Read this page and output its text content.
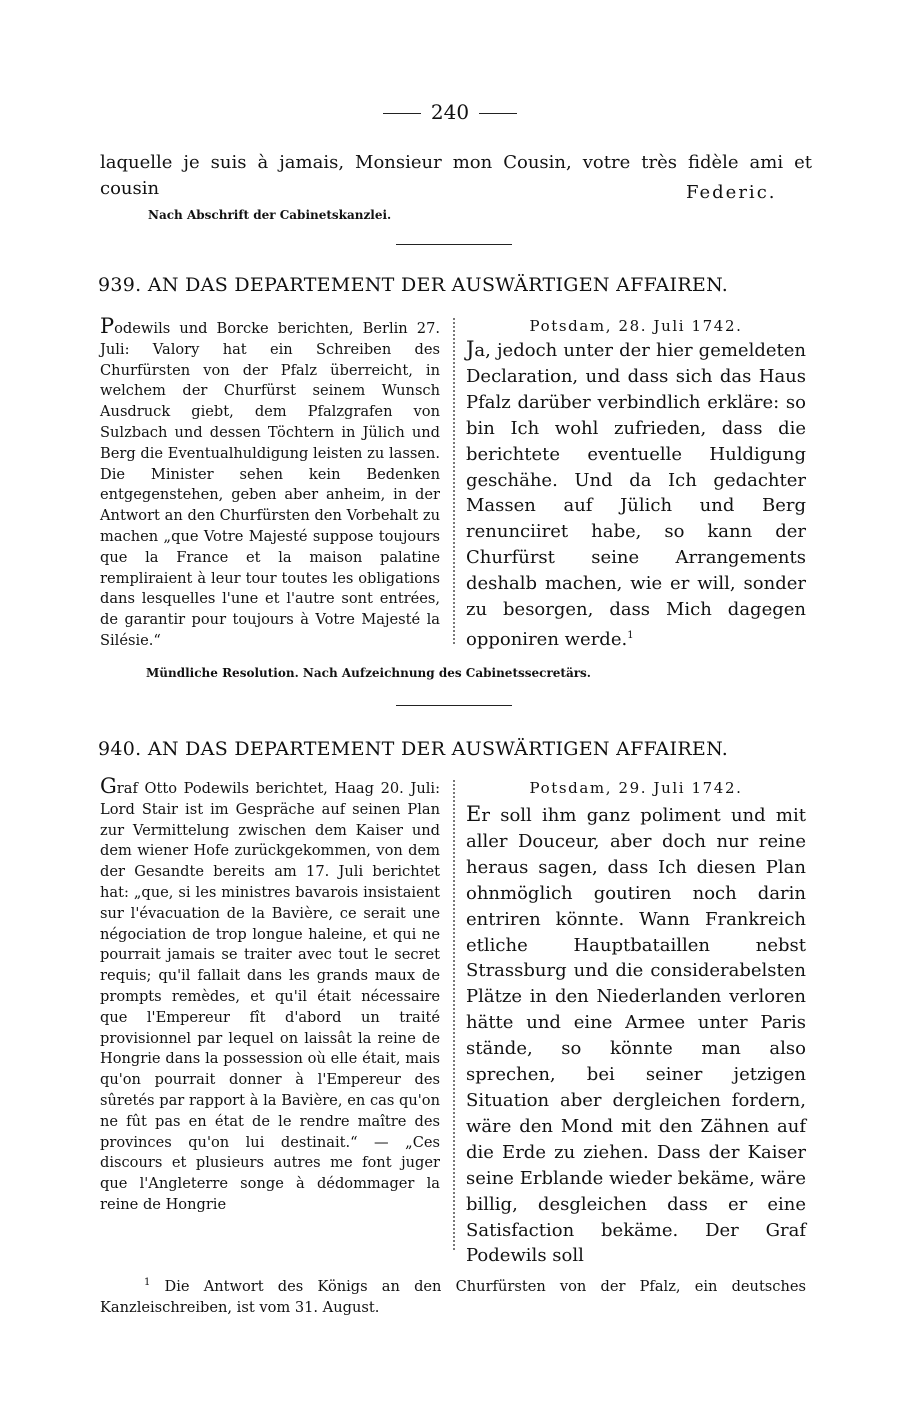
240
laquelle je suis à jamais, Monsieur mon Cousin, votre très fidèle ami et cousin	Federic.
Nach Abschrift der Cabinetskanzlei.
939. AN DAS DEPARTEMENT DER AUSWÄRTIGEN AFFAIREN.
Podewils und Borcke berichten, Berlin 27. Juli: Valory hat ein Schreiben des Churfürsten von der Pfalz überreicht, in welchem der Churfürst seinem Wunsch Ausdruck giebt, dem Pfalzgrafen von Sulzbach und dessen Töchtern in Jülich und Berg die Eventualhuldigung leisten zu lassen. Die Minister sehen kein Bedenken entgegenstehen, geben aber anheim, in der Antwort an den Churfürsten den Vorbehalt zu machen „que Votre Majesté suppose toujours que la France et la maison palatine rempliraient à leur tour toutes les obligations dans lesquelles l'une et l'autre sont entrées, de garantir pour toujours à Votre Majesté la Silésie.“
Potsdam, 28. Juli 1742.
Ja, jedoch unter der hier gemeldeten Declaration, und dass sich das Haus Pfalz darüber verbindlich erkläre: so bin Ich wohl zufrieden, dass die berichtete eventuelle Huldigung geschähe. Und da Ich gedachter Massen auf Jülich und Berg renunciiret habe, so kann der Churfürst seine Arrangements deshalb machen, wie er will, sonder zu besorgen, dass Mich dagegen opponiren werde.$^1$
Mündliche Resolution. Nach Aufzeichnung des Cabinetssecretärs.
940. AN DAS DEPARTEMENT DER AUSWÄRTIGEN AFFAIREN.
Graf Otto Podewils berichtet, Haag 20. Juli: Lord Stair ist im Gespräche auf seinen Plan zur Vermittelung zwischen dem Kaiser und dem wiener Hofe zurückgekommen, von dem der Gesandte bereits am 17. Juli berichtet hat: „que, si les ministres bavarois insistaient sur l'évacuation de la Bavière, ce serait une négociation de trop longue haleine, et qui ne pourrait jamais se traiter avec tout le secret requis; qu'il fallait dans les grands maux de prompts remèdes, et qu'il était nécessaire que l'Empereur fît d'abord un traité provisionnel par lequel on laissât la reine de Hongrie dans la possession où elle était, mais qu'on pourrait donner à l'Empereur des sûretés par rapport à la Bavière, en cas qu'on ne fût pas en état de le rendre maître des provinces qu'on lui destinait.“ — „Ces discours et plusieurs autres me font juger que l'Angleterre songe à dédommager la reine de Hongrie
Potsdam, 29. Juli 1742.
Er soll ihm ganz poliment und mit aller Douceur, aber doch nur reine heraus sagen, dass Ich diesen Plan ohnmöglich goutiren noch darin entriren könnte. Wann Frankreich etliche Hauptbataillen nebst Strassburg und die considerabelsten Plätze in den Niederlanden verloren hätte und eine Armee unter Paris stände, so könnte man also sprechen, bei seiner jetzigen Situation aber dergleichen fordern, wäre den Mond mit den Zähnen auf die Erde zu ziehen. Dass der Kaiser seine Erblande wieder bekäme, wäre billig, desgleichen dass er eine Satisfaction bekäme. Der Graf Podewils soll
$^1$ Die Antwort des Königs an den Churfürsten von der Pfalz, ein deutsches Kanzleischreiben, ist vom 31. August.
